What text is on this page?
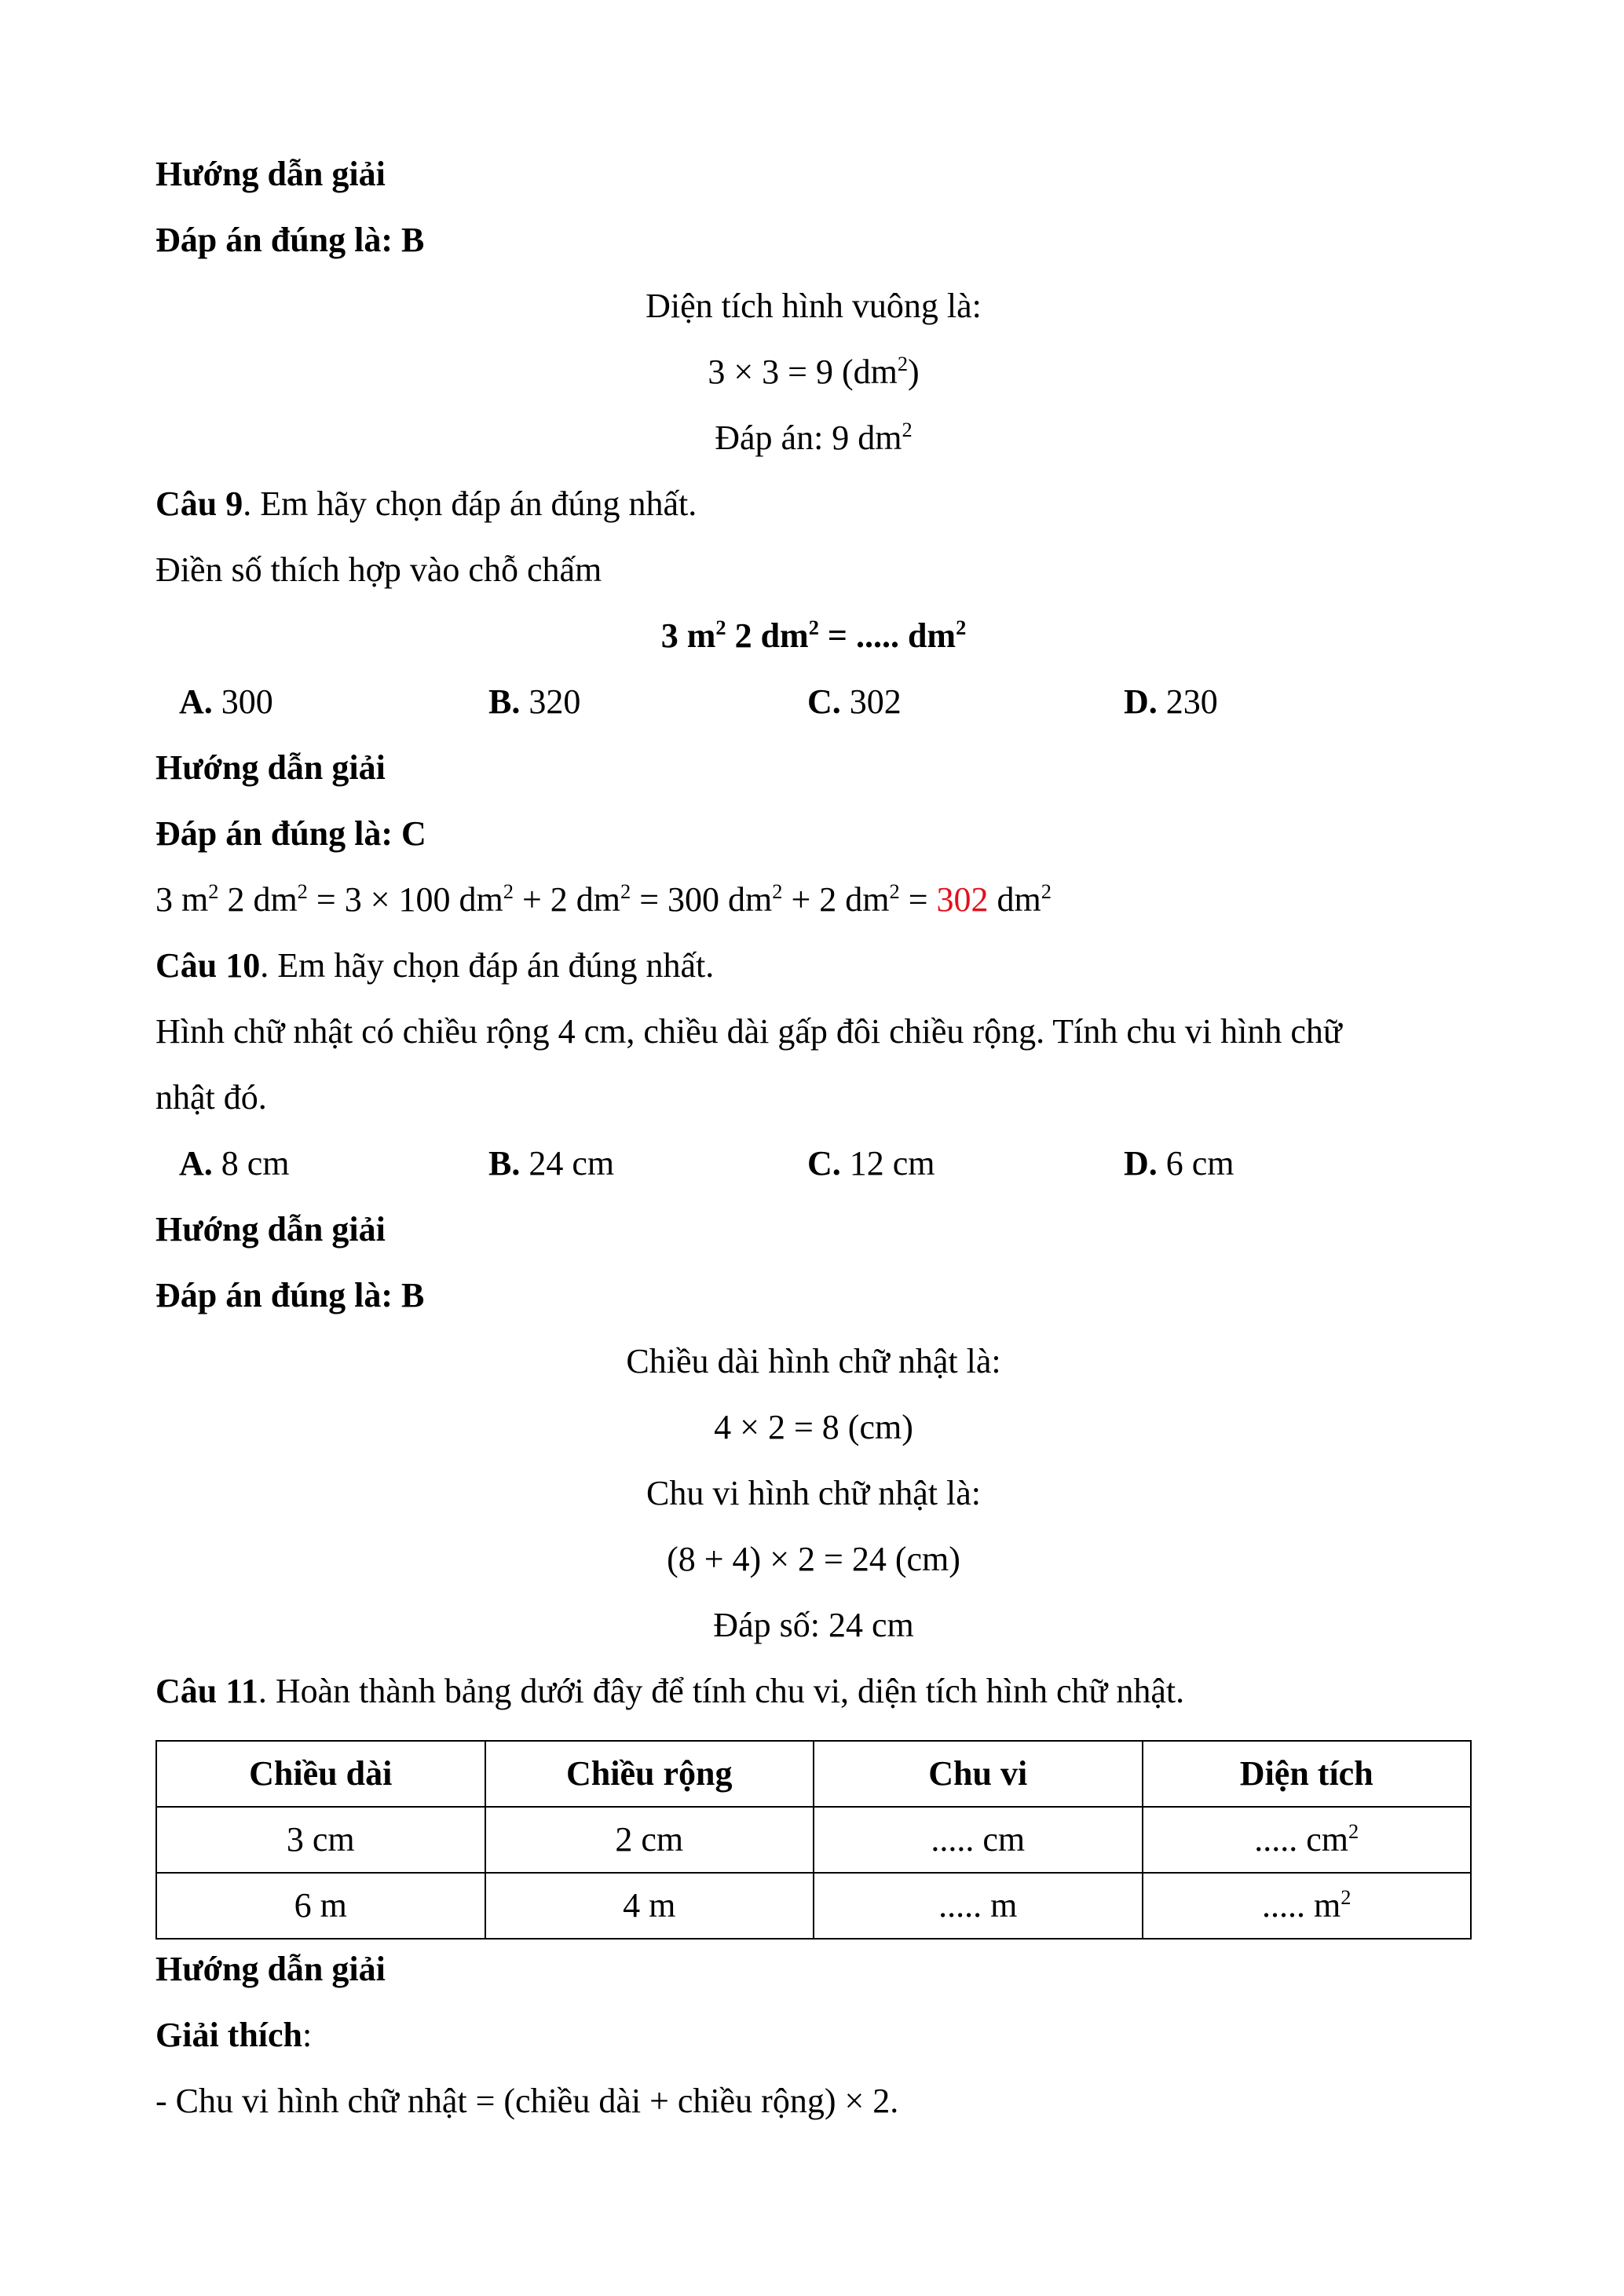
Hướng dẫn giải
Đáp án đúng là: B
Diện tích hình vuông là:
3 × 3 = 9 $(dm^2)$
Đáp án: 9 $dm^2$
Câu 9. Em hãy chọn đáp án đúng nhất.
Điền số thích hợp vào chỗ chấm
3 $m^2$ 2 $dm^2$ = ..... $dm^2$
A. 300	B. 320	C. 302	D. 230
Hướng dẫn giải
Đáp án đúng là: C
3 $m^2$ 2 $dm^2 = 3 \times 100$ $dm^2 + 2$ $dm^2 = 300$ $dm^2 + 2$ $dm^2 = 302$ $dm^2$
Câu 10. Em hãy chọn đáp án đúng nhất.
Hình chữ nhật có chiều rộng 4 cm, chiều dài gấp đôi chiều rộng. Tính chu vi hình chữ
nhật đó.
A. 8 cm	B. 24 cm	C. 12 cm	D. 6 cm
Hướng dẫn giải
Đáp án đúng là: B
Chiều dài hình chữ nhật là:
4 × 2 = 8 (cm)
Chu vi hình chữ nhật là:
(8 + 4) × 2 = 24 (cm)
Đáp số: 24 cm
Câu 11. Hoàn thành bảng dưới đây để tính chu vi, diện tích hình chữ nhật.
Chiều dài	Chiều rộng	Chu vi	Diện tích
3 cm	2 cm	..... cm	..... $cm^2$
6 m	4 m	..... m	..... $m^2$
Hướng dẫn giải
Giải thích:
- Chu vi hình chữ nhật = (chiều dài + chiều rộng) × 2.
